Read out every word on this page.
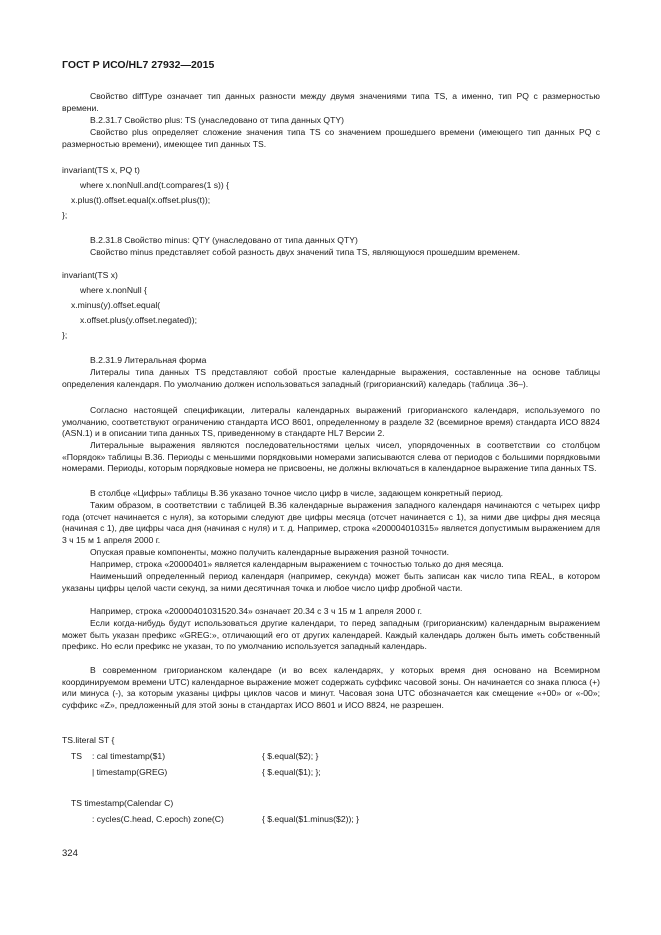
ГОСТ Р ИСО/HL7 27932—2015
Свойство diffType означает тип данных разности между двумя значениями типа TS, а именно, тип PQ с размерностью времени.
B.2.31.7 Свойство plus: TS (унаследовано от типа данных QTY)
Свойство plus определяет сложение значения типа TS со значением прошедшего времени (имеющего тип данных PQ с размерностью времени), имеющее тип данных TS.
invariant(TS x, PQ t)
where x.nonNull.and(t.compares(1 s)) {
x.plus(t).offset.equal(x.offset.plus(t));
};
B.2.31.8 Свойство minus: QTY (унаследовано от типа данных QTY)
Свойство minus представляет собой разность двух значений типа TS, являющуюся прошедшим временем.
invariant(TS x)
where x.nonNull {
x.minus(y).offset.equal(
x.offset.plus(y.offset.negated));
};
B.2.31.9 Литеральная форма
Литералы типа данных TS представляют собой простые календарные выражения, составленные на основе таблицы определения календаря. По умолчанию должен использоваться западный (григорианский) каледарь (таблица .36–).
Согласно настоящей спецификации, литералы календарных выражений григорианского календаря, используемого по умолчанию, соответствуют ограничению стандарта ИСО 8601, определенному в разделе 32 (всемирное время) стандарта ИСО 8824 (ASN.1) и в описании типа данных TS, приведенному в стандарте HL7 Версии 2.
Литеральные выражения являются последовательностями целых чисел, упорядоченных в соответствии со столбцом «Порядок» таблицы B.36. Периоды с меньшими порядковыми номерами записываются слева от периодов с большими порядковыми номерами. Периоды, которым порядковые номера не присвоены, не должны включаться в календарное выражение типа данных TS.
В столбце «Цифры» таблицы B.36 указано точное число цифр в числе, задающем конкретный период.
Таким образом, в соответствии с таблицей B.36 календарные выражения западного календаря начинаются с четырех цифр года (отсчет начинается с нуля), за которыми следуют две цифры месяца (отсчет начинается с 1), за ними две цифры дня месяца (начиная с 1), две цифры часа дня (начиная с нуля) и т. д. Например, строка «200004010315» является допустимым выражением для 3 ч 15 м 1 апреля 2000 г.
Опуская правые компоненты, можно получить календарные выражения разной точности.
Например, строка «20000401» является календарным выражением с точностью только до дня месяца.
Наименьший определенный период календаря (например, секунда) может быть записан как число типа REAL, в котором указаны цифры целой части секунд, за ними десятичная точка и любое число цифр дробной части.
Например, строка «20000401031520.34» означает 20.34 с 3 ч 15 м 1 апреля 2000 г.
Если когда-нибудь будут использоваться другие календари, то перед западным (григорианским) календарным выражением может быть указан префикс «GREG:», отличающий его от других календарей. Каждый календарь должен быть иметь собственный префикс. Но если префикс не указан, то по умолчанию используется западный календарь.
В современном григорианском календаре (и во всех календарях, у которых время дня основано на Всемирном координируемом времени UTC) календарное выражение может содержать суффикс часовой зоны. Он начинается со знака плюса (+) или минуса (-), за которым указаны цифры циклов часов и минут. Часовая зона UTC обозначается как смещение «+00» or «-00»; суффикс «Z», предложенный для этой зоны в стандартах ИСО 8601 и ИСО 8824, не разрешен.
TS.literal ST {
TS : cal timestamp($1)	{ $.equal($2); }
| timestamp(GREG)	{ $.equal($1); };
TS timestamp(Calendar C)
: cycles(C.head, C.epoch) zone(C)	{ $.equal($1.minus($2)); }
324
